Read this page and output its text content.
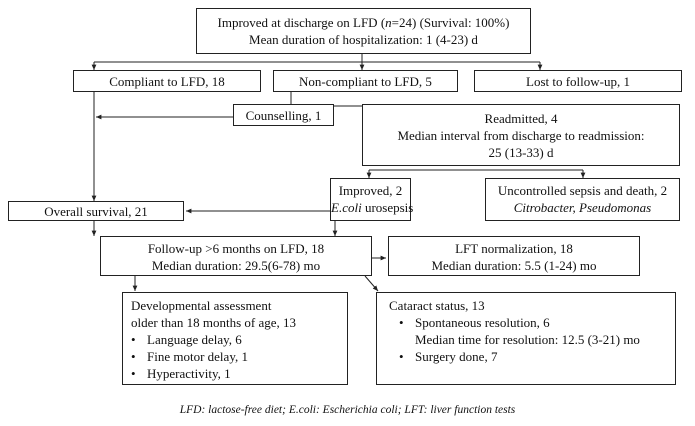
Improved at discharge on LFD (n=24) (Survival: 100%)
Mean duration of hospitalization: 1 (4-23) d
Compliant to LFD, 18	Non-compliant to LFD, 5	Lost to follow-up, 1
Counselling, 1	Readmitted, 4
Median interval from discharge to readmission:
25 (13-33) d
Improved, 2
E.coli urosepsis
Uncontrolled sepsis and death, 2
Citrobacter, Pseudomonas
Overall survival, 21
Follow-up >6 months on LFD, 18
Median duration: 29.5(6-78) mo
LFT normalization, 18
Median duration: 5.5 (1-24) mo
Developmental assessment
older than 18 months of age, 13
• Language delay, 6
• Fine motor delay, 1
• Hyperactivity, 1
Cataract status, 13
• Spontaneous resolution, 6
Median time for resolution: 12.5 (3-21) mo
• Surgery done, 7
LFD: lactose-free diet; E.coli: Escherichia coli; LFT: liver function tests
